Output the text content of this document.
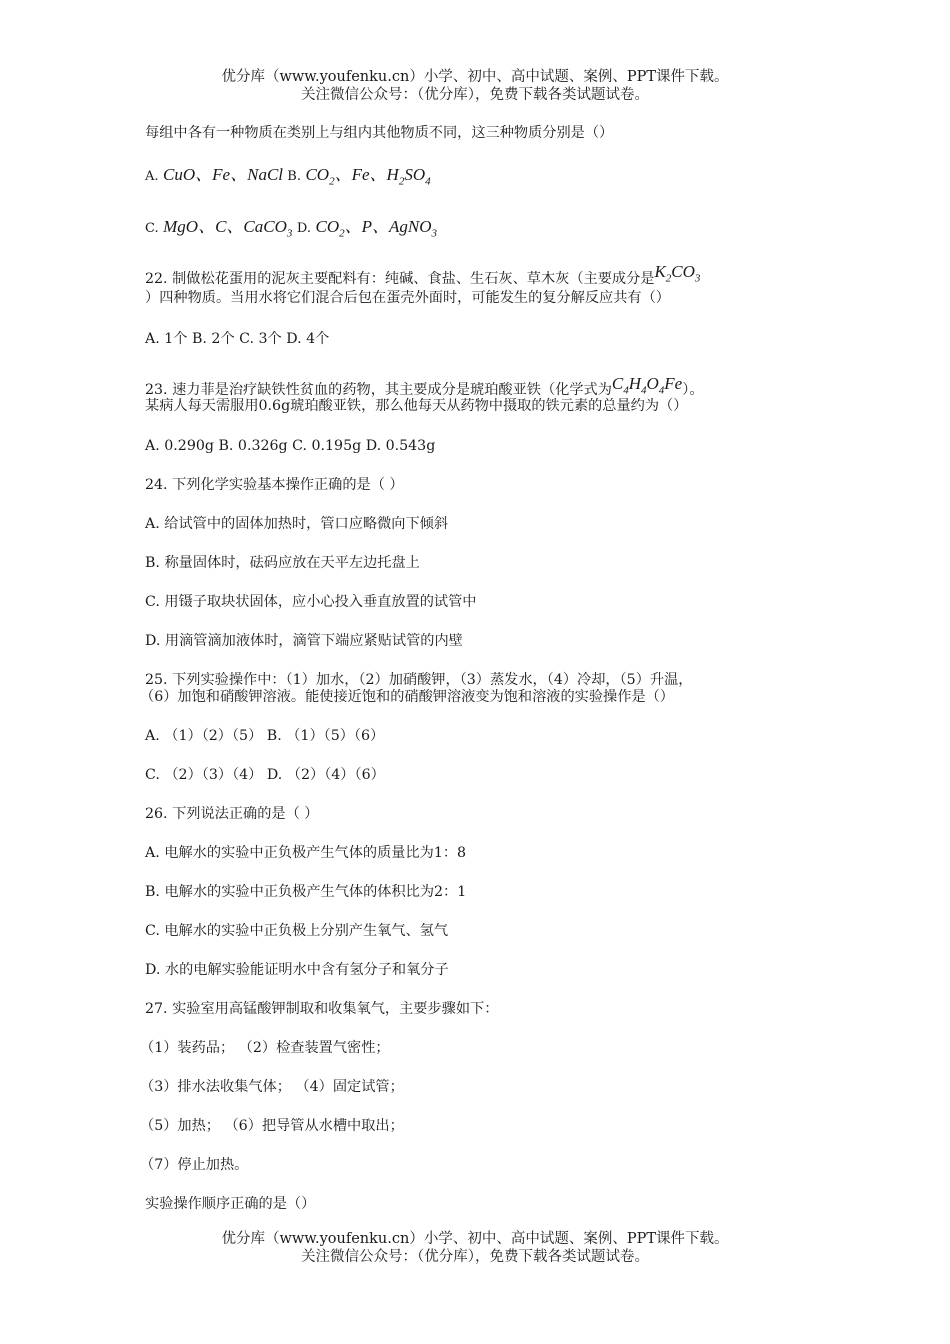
优分库（www.youfenku.cn）小学、初中、高中试题、案例、PPT课件下载。
关注微信公众号：（优分库），免费下载各类试题试卷。
每组中各有一种物质在类别上与组内其他物质不同，这三种物质分别是（）
A. CuO、Fe、NaCl B. $CO_2$、Fe、$H_2SO_4$
C. MgO、C、CaCO$_3$ D. $CO_2$、P、AgNO$_3$
22. 制做松花蛋用的泥灰主要配料有：纯碱、食盐、生石灰、草木灰（主要成分是$K_2CO_3$
）四种物质。当用水将它们混合后包在蛋壳外面时，可能发生的复分解反应共有（）
A. 1个 B. 2个 C. 3个 D. 4个
23. 速力菲是治疗缺铁性贫血的药物，其主要成分是琥珀酸亚铁（化学式为$C_4H_4O_4Fe$）。
某病人每天需服用0.6g琥珀酸亚铁，那么他每天从药物中摄取的铁元素的总量约为（）
A. 0.290g B. 0.326g C. 0.195g D. 0.543g
24. 下列化学实验基本操作正确的是（ ）
A. 给试管中的固体加热时，管口应略微向下倾斜
B. 称量固体时，砝码应放在天平左边托盘上
C. 用镊子取块状固体，应小心投入垂直放置的试管中
D. 用滴管滴加液体时，滴管下端应紧贴试管的内壁
25. 下列实验操作中：（1）加水，（2）加硝酸钾，（3）蒸发水，（4）冷却，（5）升温，
（6）加饱和硝酸钾溶液。能使接近饱和的硝酸钾溶液变为饱和溶液的实验操作是（）
A. （1）（2）（5） B. （1）（5）（6）
C. （2）（3）（4） D. （2）（4）（6）
26. 下列说法正确的是（ ）
A. 电解水的实验中正负极产生气体的质量比为1：8
B. 电解水的实验中正负极产生气体的体积比为2：1
C. 电解水的实验中正负极上分别产生氧气、氢气
D. 水的电解实验能证明水中含有氢分子和氧分子
27. 实验室用高锰酸钾制取和收集氧气，主要步骤如下：
（1）装药品； （2）检查装置气密性；
（3）排水法收集气体； （4）固定试管；
（5）加热； （6）把导管从水槽中取出；
（7）停止加热。
实验操作顺序正确的是（）
优分库（www.youfenku.cn）小学、初中、高中试题、案例、PPT课件下载。
关注微信公众号：（优分库），免费下载各类试题试卷。
